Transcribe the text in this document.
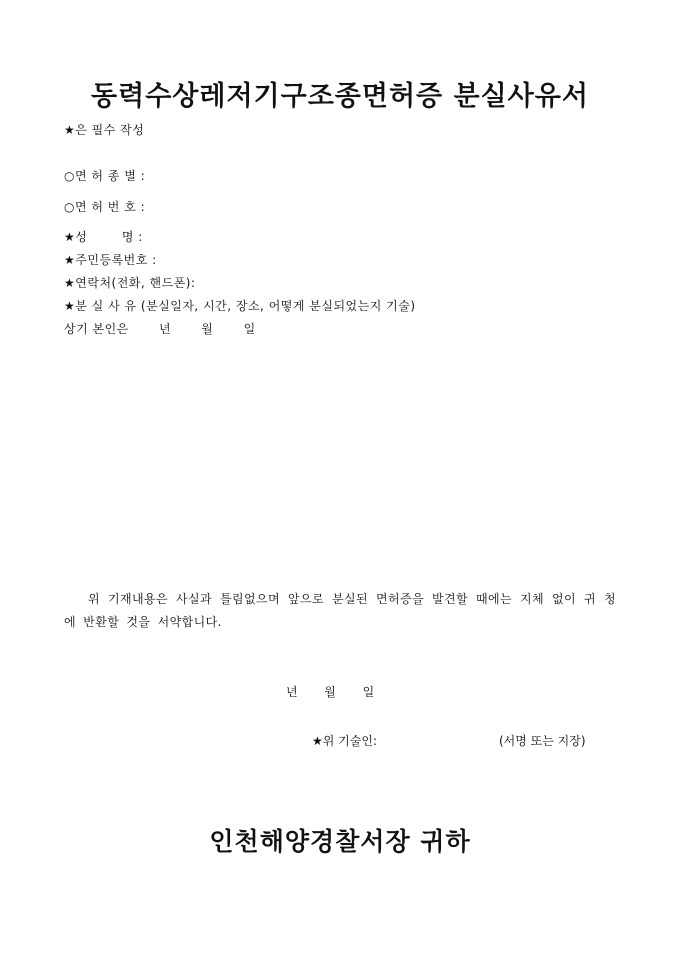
동력수상레저기구조종면허증 분실사유서

★은 필수 작성

○면 허 종 별 :

○면 허 번 호 :

★성        명 :

★주민등록번호 :

★연락처(전화, 핸드폰):

★분 실 사 유 (분실일자, 시간, 장소, 어떻게 분실되었는지 기술)

상기 본인은       년       월       일

위 기재내용은 사실과 틀림없으며 앞으로 분실된 면허증을 발견할 때에는 지체 없이 귀 청에 반환할 것을 서약합니다.

년       월       일

★위 기술인:	(서명 또는 지장)

인천해양경찰서장 귀하
